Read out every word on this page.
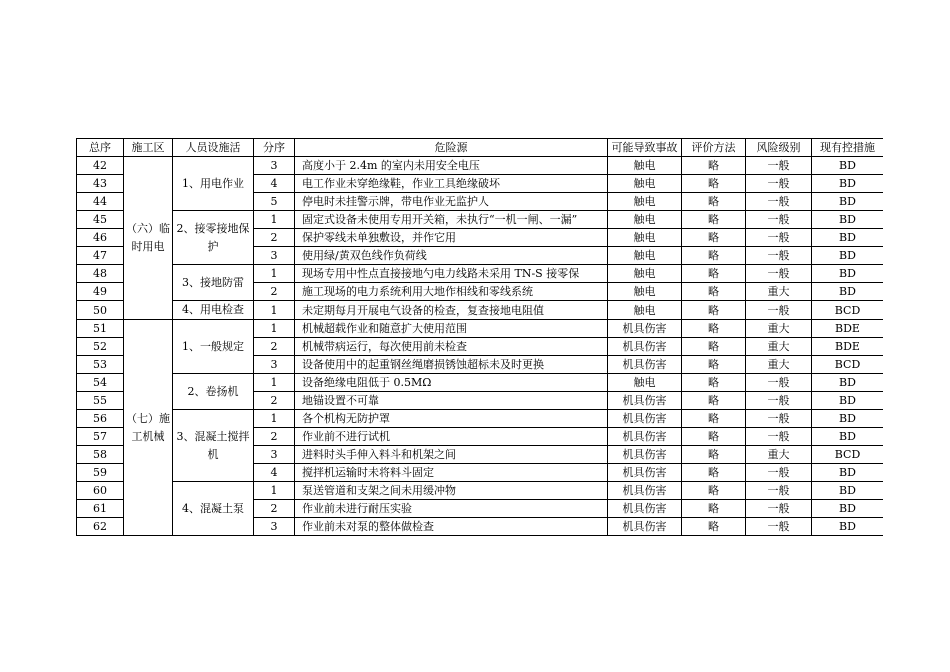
总序	施工区	人员设施活	分序	危险源	可能导致事故	评价方法	风险级别	现有控措施
42	（六）临时用电	1、用电作业	3	高度小于 2.4m 的室内未用安全电压	触电	略	一般	BD
43			4	电工作业未穿绝缘鞋，作业工具绝缘破坏	触电	略	一般	BD
44			5	停电时未挂警示牌，带电作业无监护人	触电	略	一般	BD
45		2、接零接地保护	1	固定式设备未使用专用开关箱，未执行“一机一闸、一漏”	触电	略	一般	BD
46			2	保护零线未单独敷设，并作它用	触电	略	一般	BD
47			3	使用绿/黄双色线作负荷线	触电	略	一般	BD
48		3、接地防雷	1	现场专用中性点直接接地勺电力线路未采用 TN-S 接零保	触电	略	一般	BD
49			2	施工现场的电力系统利用大地作相线和零线系统	触电	略	重大	BD
50		4、用电检查	1	未定期每月开展电气设备的检查，复查接地电阻值	触电	略	一般	BCD
51	（七）施工机械	1、一般规定	1	机械超载作业和随意扩大使用范围	机具伤害	略	重大	BDE
52			2	机械带病运行，每次使用前未检查	机具伤害	略	重大	BDE
53			3	设备使用中的起重钢丝绳磨损锈蚀超标未及时更换	机具伤害	略	重大	BCD
54		2、卷扬机	1	设备绝缘电阻低于 0.5MΩ	触电	略	一般	BD
55			2	地锚设置不可靠	机具伤害	略	一般	BD
56		3、混凝土搅拌机	1	各个机构无防护罩	机具伤害	略	一般	BD
57			2	作业前不进行试机	机具伤害	略	一般	BD
58			3	进料时头手伸入料斗和机架之间	机具伤害	略	重大	BCD
59			4	搅拌机运输时未将料斗固定	机具伤害	略	一般	BD
60		4、混凝土泵	1	泵送管道和支架之间未用缓冲物	机具伤害	略	一般	BD
61			2	作业前未进行耐压实验	机具伤害	略	一般	BD
62			3	作业前未对泵的整体做检查	机具伤害	略	一般	BD
